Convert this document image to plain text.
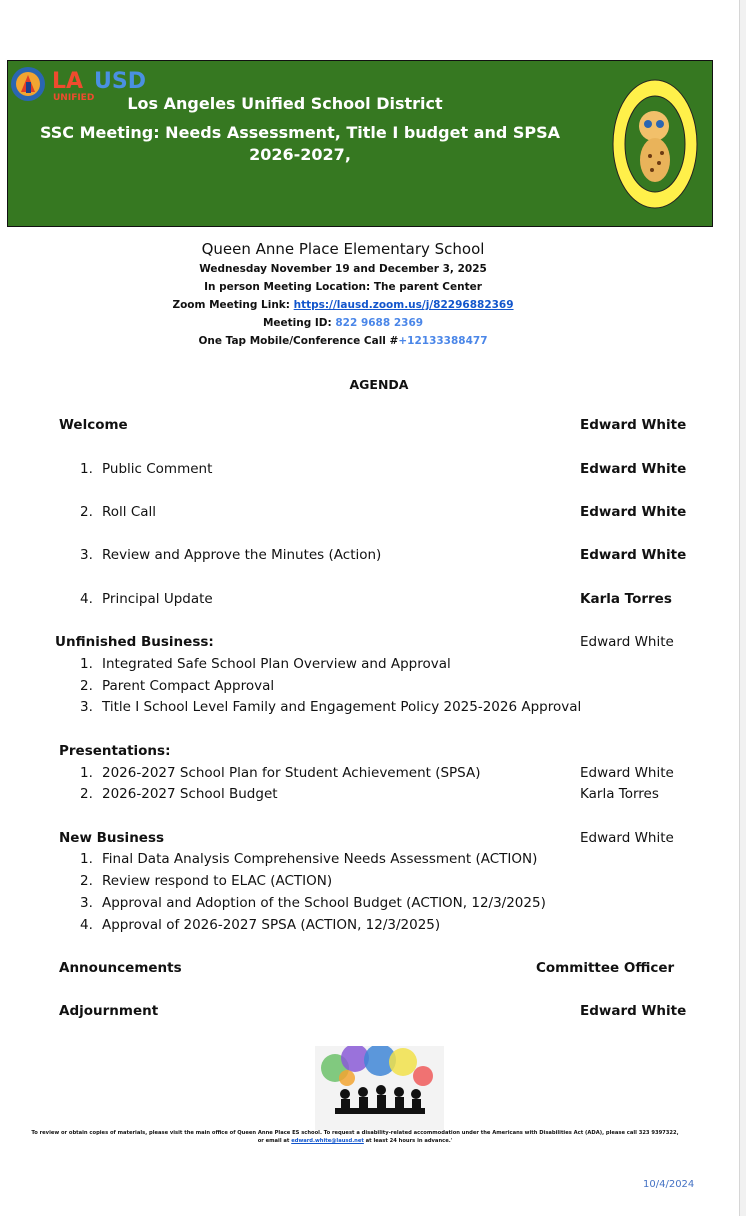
LA USD
UNIFIED	Los Angeles Unified School District
SSC Meeting: Needs Assessment, Title I budget and SPSA
2026-2027,
Queen Anne Place Elementary School
Wednesday November 19 and December 3, 2025
In person Meeting Location: The parent Center
Zoom Meeting Link: https://lausd.zoom.us/j/82296882369
Meeting ID: 822 9688 2369
One Tap Mobile/Conference Call #+12133388477
AGENDA
Welcome	Edward White
1. Public Comment	Edward White
2. Roll Call	Edward White
3. Review and Approve the Minutes (Action)	Edward White
4. Principal Update	Karla Torres
Unfinished Business:	Edward White
1. Integrated Safe School Plan Overview and Approval
2. Parent Compact Approval
3. Title I School Level Family and Engagement Policy 2025-2026 Approval
Presentations:
1. 2026-2027 School Plan for Student Achievement (SPSA)	Edward White
2. 2026-2027 School Budget	Karla Torres
New Business	Edward White
1. Final Data Analysis Comprehensive Needs Assessment (ACTION)
2. Review respond to ELAC (ACTION)
3. Approval and Adoption of the School Budget (ACTION, 12/3/2025)
4. Approval of 2026-2027 SPSA (ACTION, 12/3/2025)
Announcements	Committee Officer
Adjournment	Edward White
To review or obtain copies of materials, please visit the main office of Queen Anne Place ES school. To request a disability-related accommodation under the Americans with Disabilities Act (ADA), please call 323 9397322, or email at edward.white@lausd.net at least 24 hours in advance.'
10/4/2024
